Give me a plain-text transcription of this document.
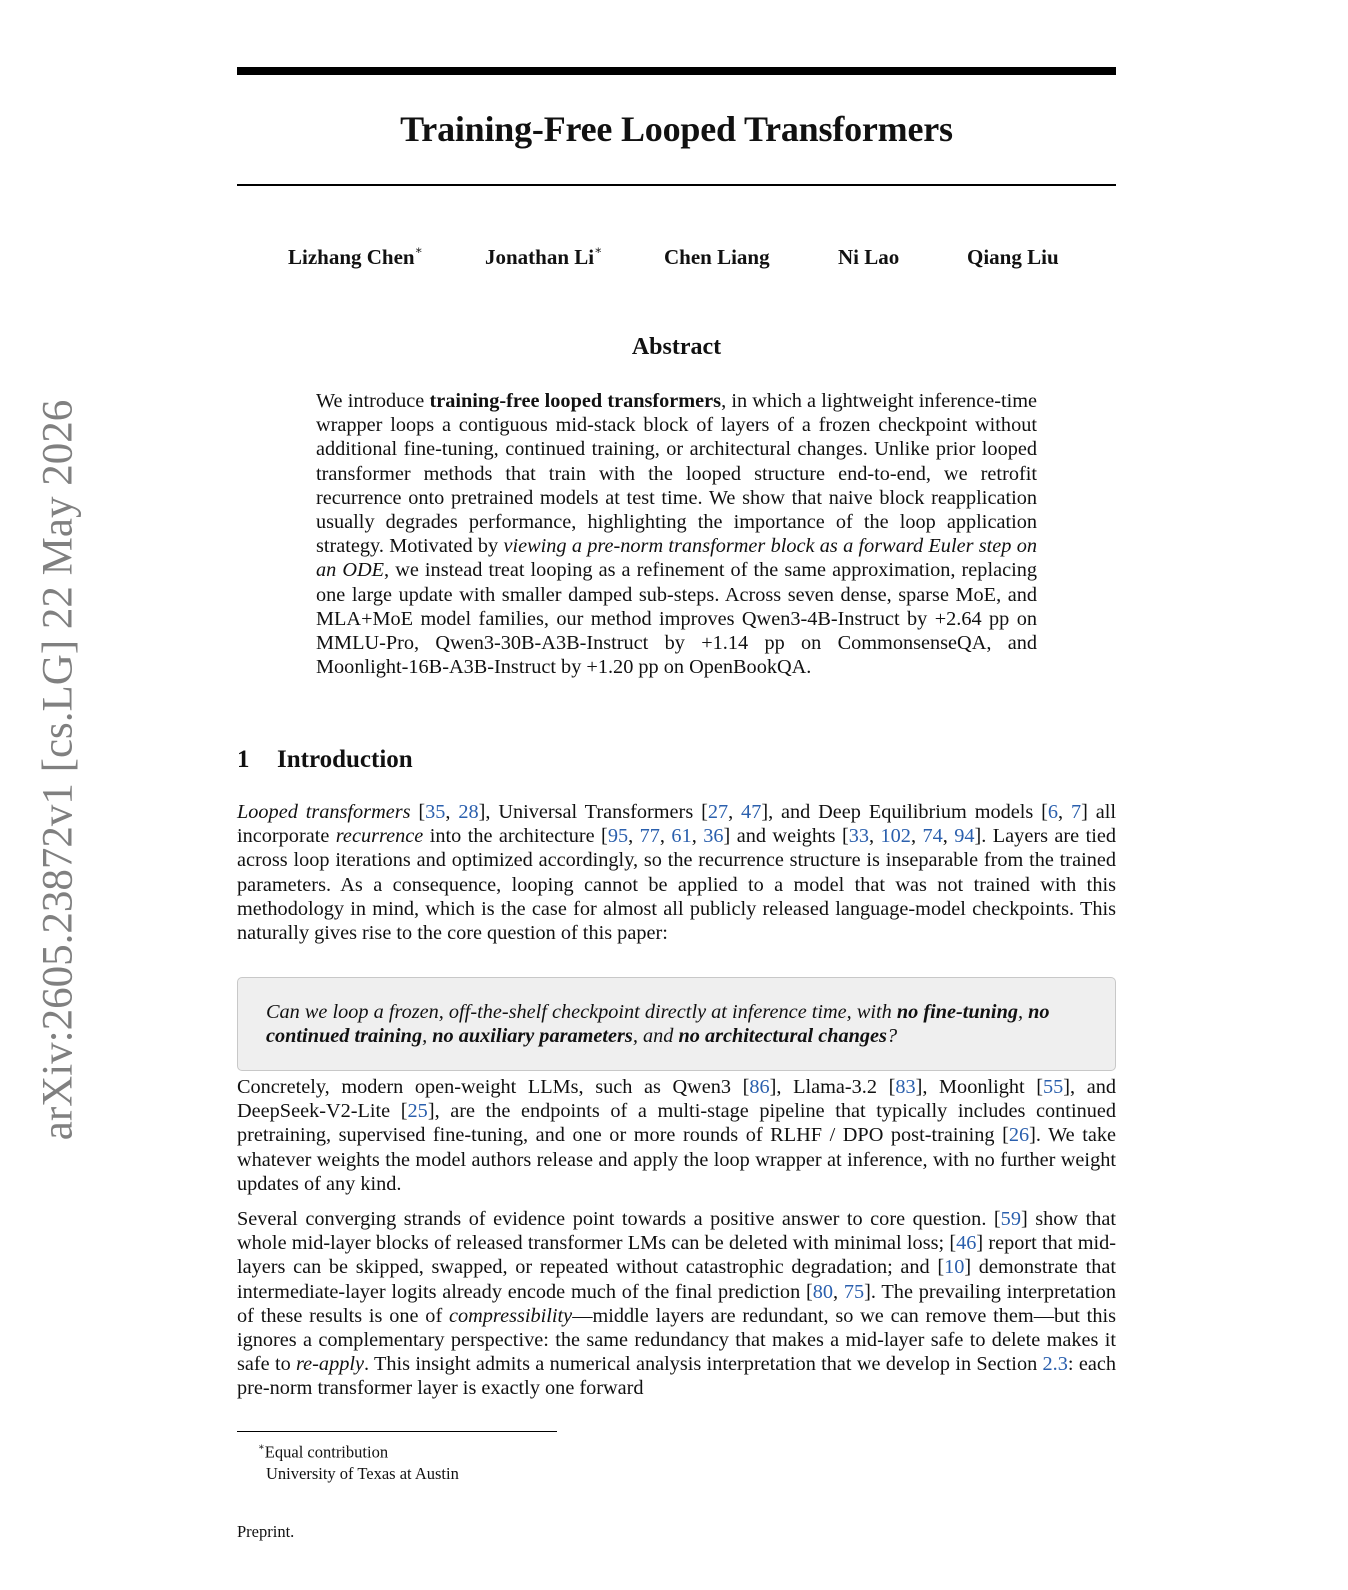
arXiv:2605.23872v1 [cs.LG] 22 May 2026
Training-Free Looped Transformers
Lizhang Chen∗	Jonathan Li∗	Chen Liang	Ni Lao	Qiang Liu
Abstract
We introduce training-free looped transformers, in which a lightweight inference-time wrapper loops a contiguous mid-stack block of layers of a frozen checkpoint without additional fine-tuning, continued training, or architectural changes. Unlike prior looped transformer methods that train with the looped structure end-to-end, we retrofit recurrence onto pretrained models at test time. We show that naive block reapplication usually degrades performance, highlighting the importance of the loop application strategy. Motivated by viewing a pre-norm transformer block as a forward Euler step on an ODE, we instead treat looping as a refinement of the same approximation, replacing one large update with smaller damped sub-steps. Across seven dense, sparse MoE, and MLA+MoE model families, our method improves Qwen3-4B-Instruct by +2.64 pp on MMLU-Pro, Qwen3-30B-A3B-Instruct by +1.14 pp on CommonsenseQA, and Moonlight-16B-A3B-Instruct by +1.20 pp on OpenBookQA.
1 Introduction

Looped transformers [35, 28], Universal Transformers [27, 47], and Deep Equilibrium models [6, 7] all incorporate recurrence into the architecture [95, 77, 61, 36] and weights [33, 102, 74, 94]. Layers are tied across loop iterations and optimized accordingly, so the recurrence structure is inseparable from the trained parameters. As a consequence, looping cannot be applied to a model that was not trained with this methodology in mind, which is the case for almost all publicly released language-model checkpoints. This naturally gives rise to the core question of this paper:

Can we loop a frozen, off-the-shelf checkpoint directly at inference time, with no fine-tuning, no continued training, no auxiliary parameters, and no architectural changes?

Concretely, modern open-weight LLMs, such as Qwen3 [86], Llama-3.2 [83], Moonlight [55], and DeepSeek-V2-Lite [25], are the endpoints of a multi-stage pipeline that typically includes continued pretraining, supervised fine-tuning, and one or more rounds of RLHF / DPO post-training [26]. We take whatever weights the model authors release and apply the loop wrapper at inference, with no further weight updates of any kind.

Several converging strands of evidence point towards a positive answer to core question. [59] show that whole mid-layer blocks of released transformer LMs can be deleted with minimal loss; [46] report that mid-layers can be skipped, swapped, or repeated without catastrophic degradation; and [10] demonstrate that intermediate-layer logits already encode much of the final prediction [80, 75]. The prevailing interpretation of these results is one of compressibility—middle layers are redundant, so we can remove them—but this ignores a complementary perspective: the same redundancy that makes a mid-layer safe to delete makes it safe to re-apply. This insight admits a numerical analysis interpretation that we develop in Section 2.3: each pre-norm transformer layer is exactly one forward

∗Equal contribution
University of Texas at Austin
Preprint.
